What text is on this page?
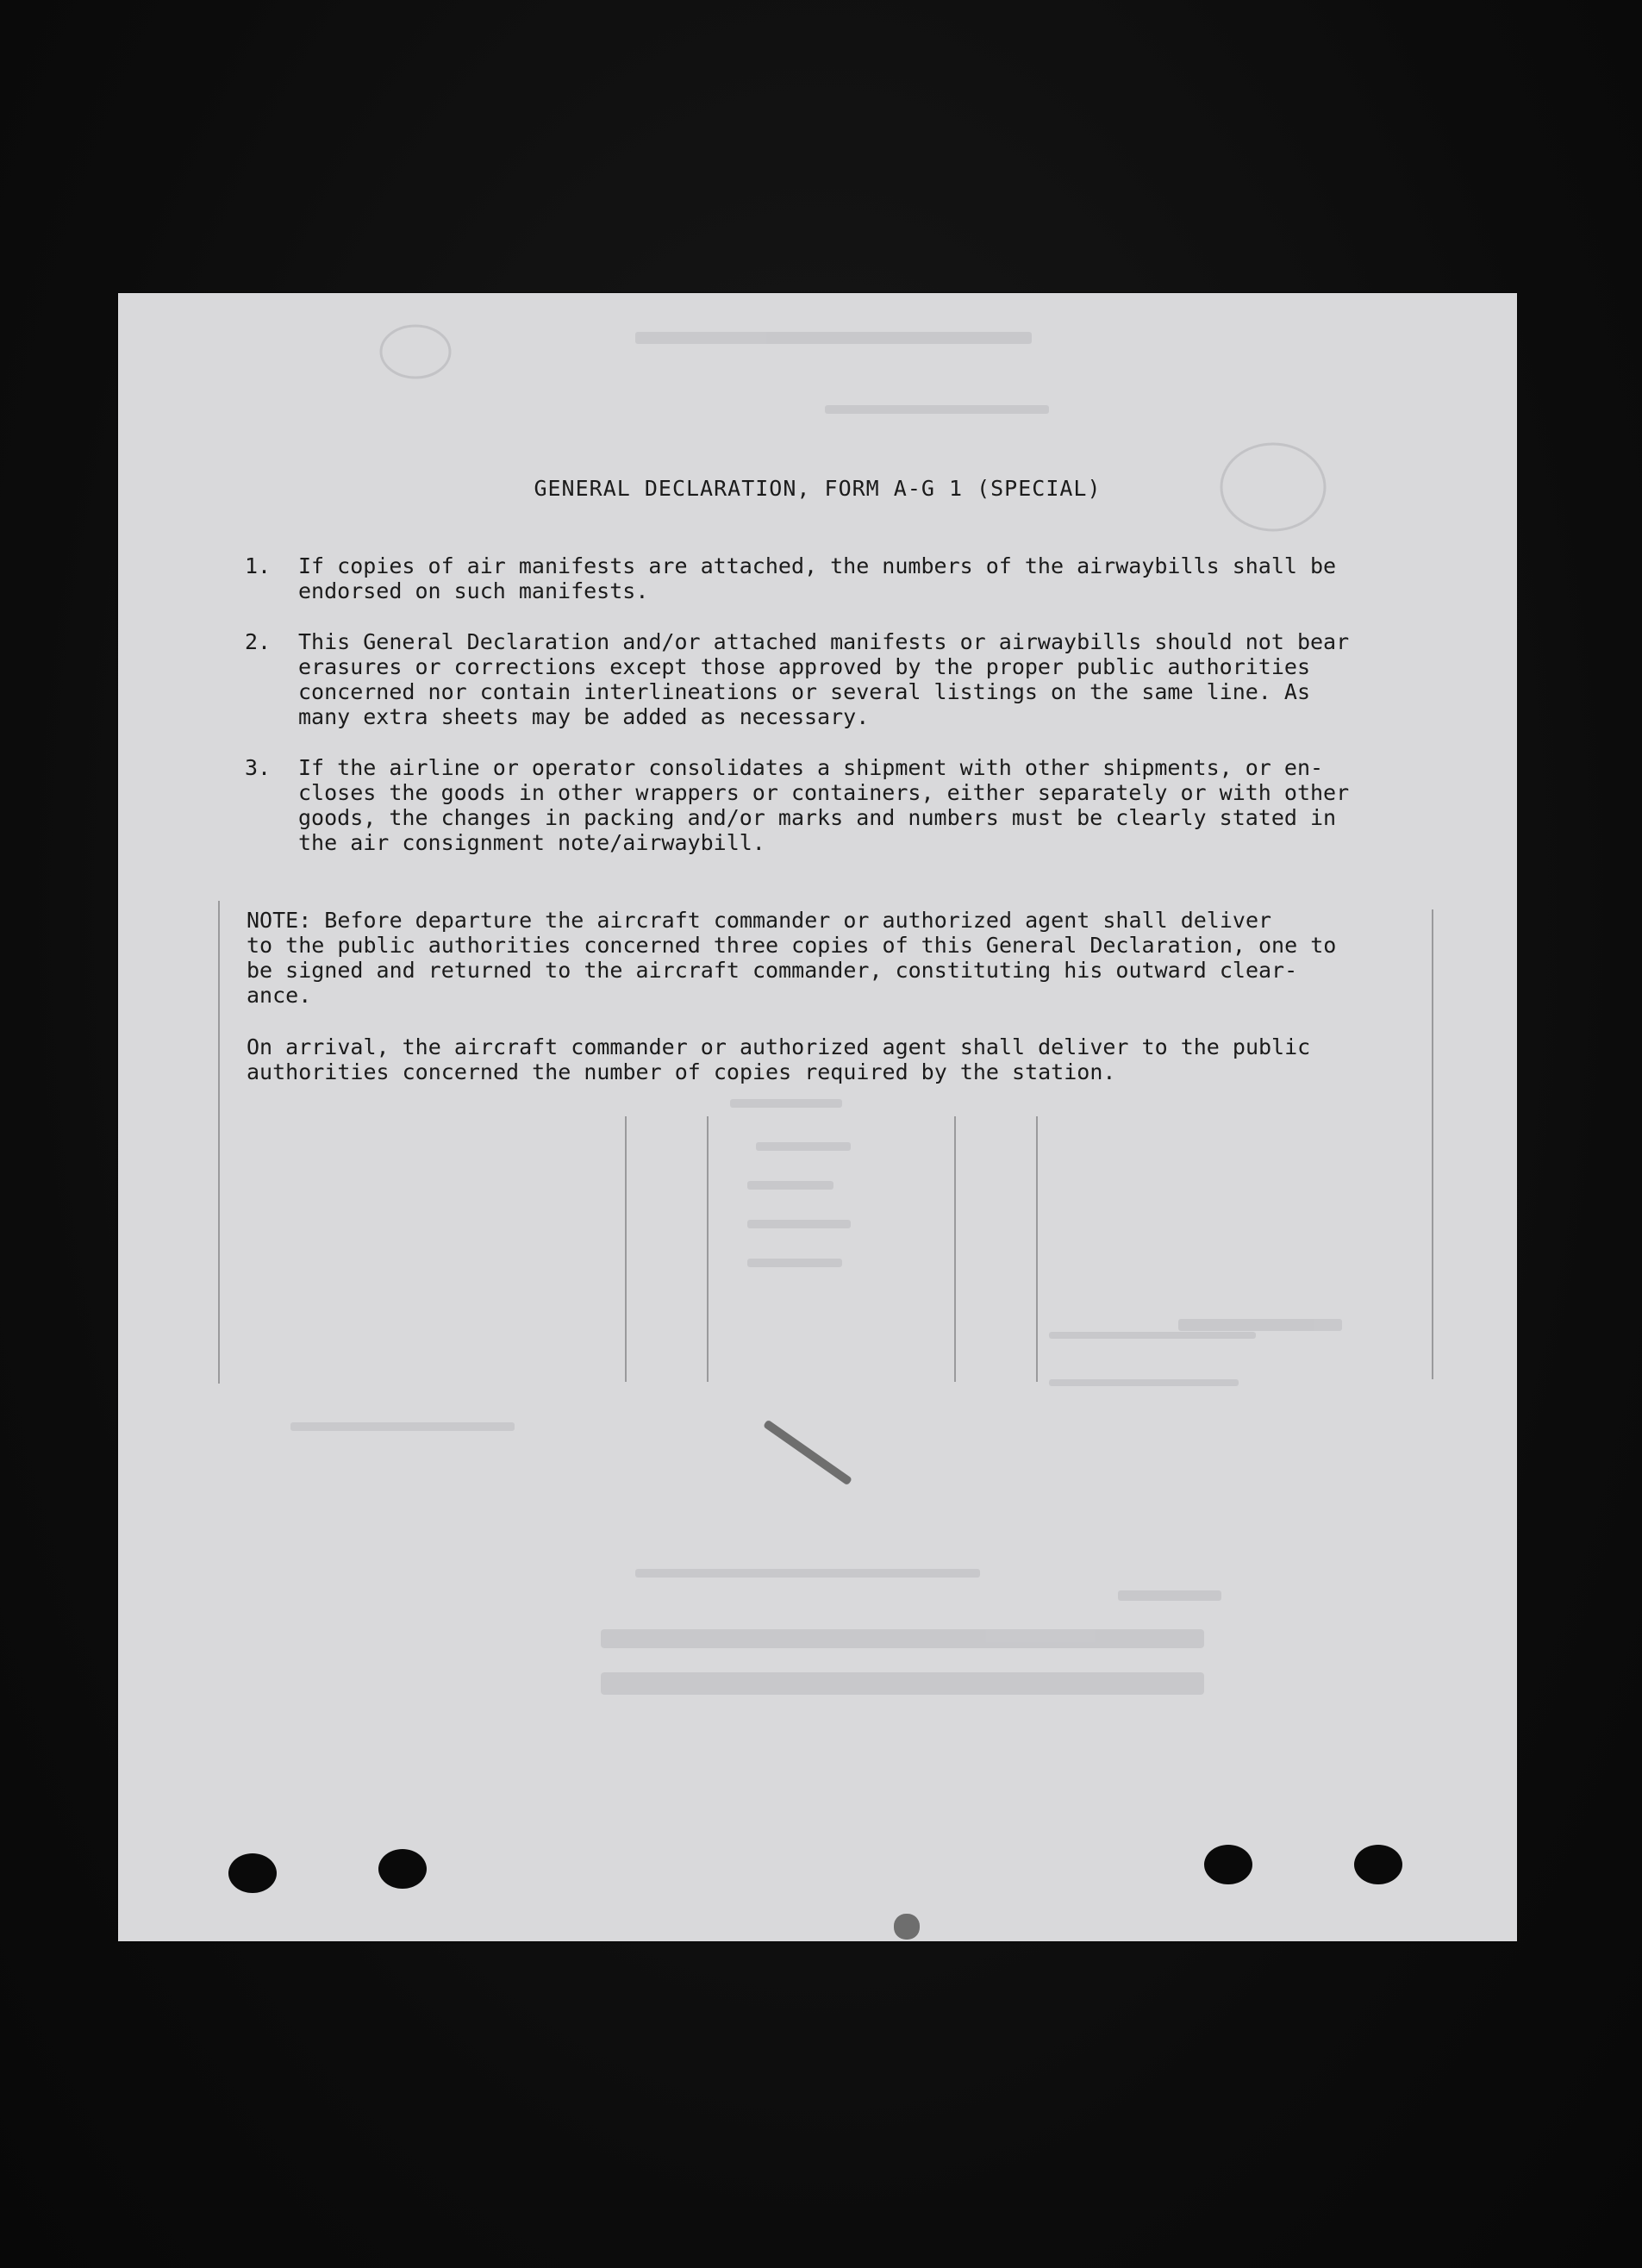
GENERAL DECLARATION, FORM A-G 1 (SPECIAL)
1. If copies of air manifests are attached, the numbers of the airwaybills shall be
endorsed on such manifests.
2. This General Declaration and/or attached manifests or airwaybills should not bear
erasures or corrections except those approved by the proper public authorities
concerned nor contain interlineations or several listings on the same line. As
many extra sheets may be added as necessary.
3. If the airline or operator consolidates a shipment with other shipments, or en-
closes the goods in other wrappers or containers, either separately or with other
goods, the changes in packing and/or marks and numbers must be clearly stated in
the air consignment note/airwaybill.
NOTE: Before departure the aircraft commander or authorized agent shall deliver
to the public authorities concerned three copies of this General Declaration, one to
be signed and returned to the aircraft commander, constituting his outward clear-
ance.
On arrival, the aircraft commander or authorized agent shall deliver to the public
authorities concerned the number of copies required by the station.
